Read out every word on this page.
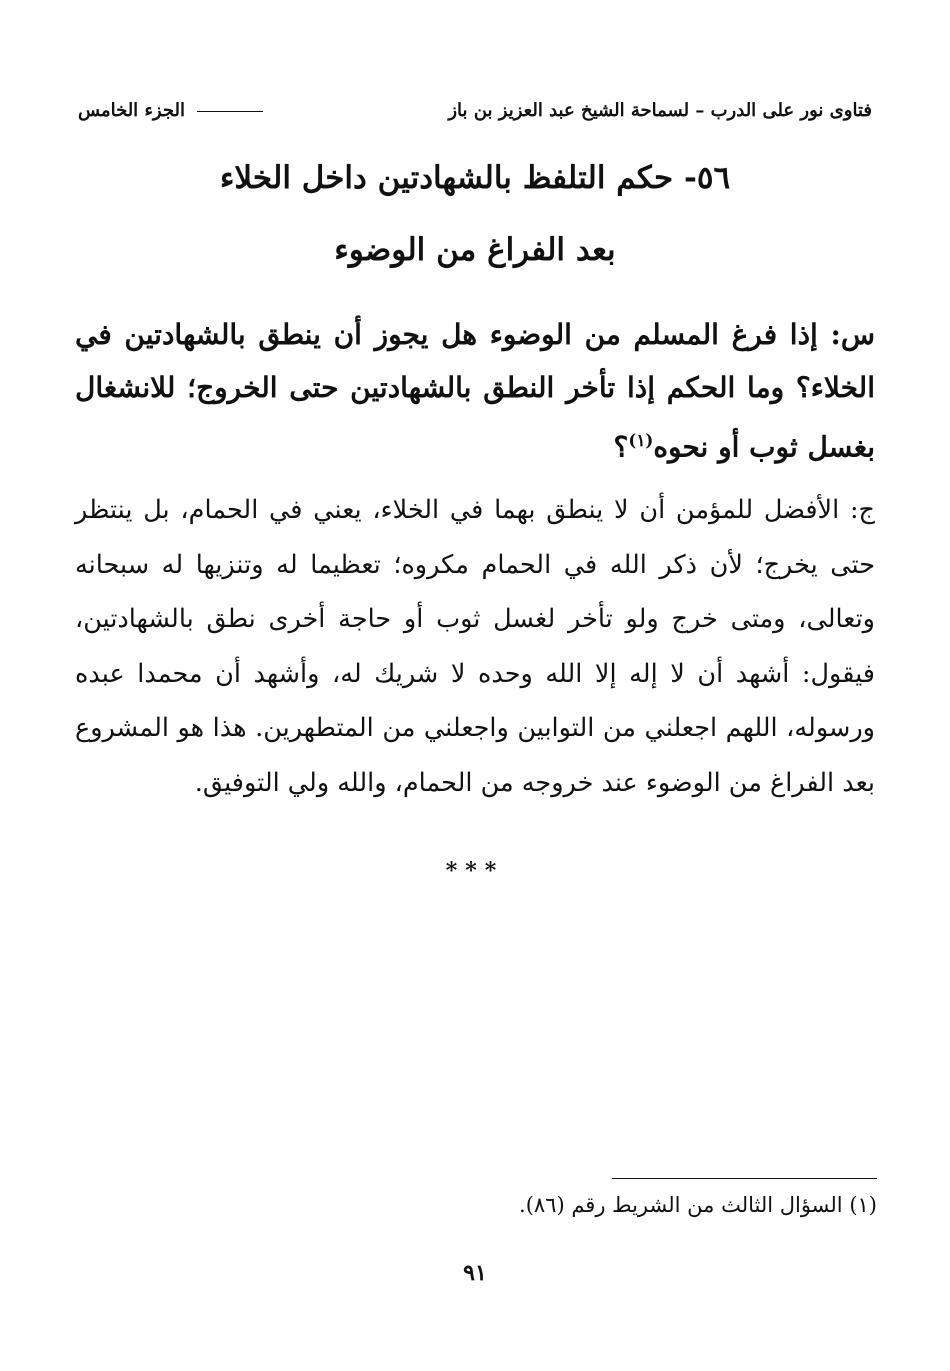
فتاوى نور على الدرب – لسماحة الشيخ عبد العزيز بن باز
الجزء الخامس
٥٦- حكم التلفظ بالشهادتين داخل الخلاء
بعد الفراغ من الوضوء
س: إذا فرغ المسلم من الوضوء هل يجوز أن ينطق بالشهادتين في الخلاء؟ وما الحكم إذا تأخر النطق بالشهادتين حتى الخروج؛ للانشغال بغسل ثوب أو نحوه$^{(١)}$؟
ج: الأفضل للمؤمن أن لا ينطق بهما في الخلاء، يعني في الحمام، بل ينتظر حتى يخرج؛ لأن ذكر الله في الحمام مكروه؛ تعظيما له وتنزيها له سبحانه وتعالى، ومتى خرج ولو تأخر لغسل ثوب أو حاجة أخرى نطق بالشهادتين، فيقول: أشهد أن لا إله إلا الله وحده لا شريك له، وأشهد أن محمدا عبده ورسوله، اللهم اجعلني من التوابين واجعلني من المتطهرين. هذا هو المشروع بعد الفراغ من الوضوء عند خروجه من الحمام، والله ولي التوفيق.
***
(١) السؤال الثالث من الشريط رقم (٨٦).
٩١
